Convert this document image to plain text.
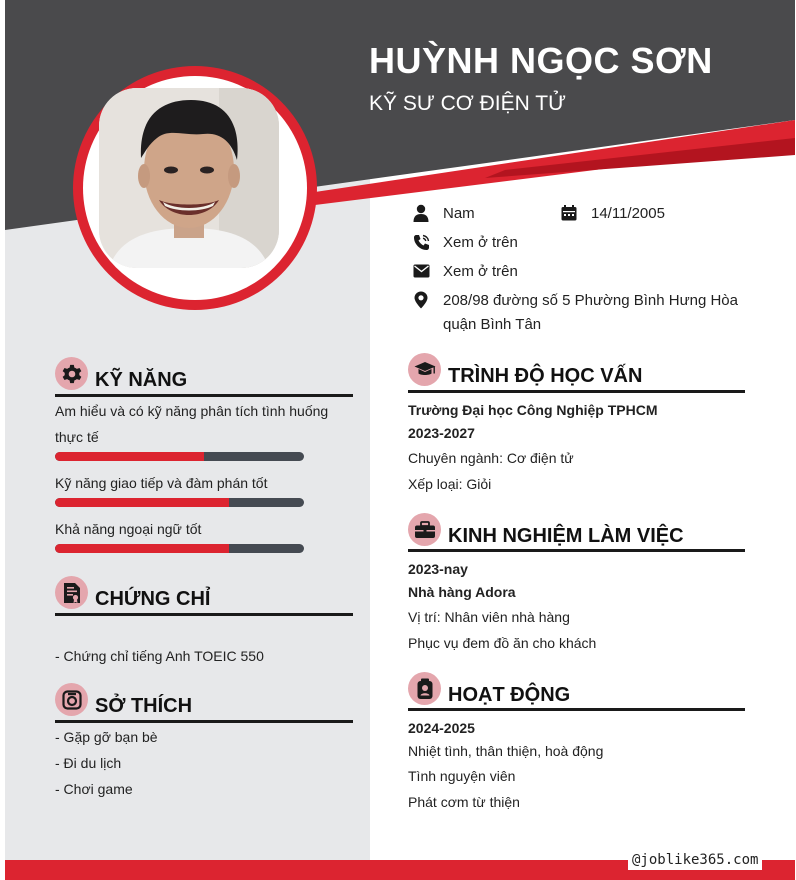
HUỲNH NGỌC SƠN
KỸ SƯ CƠ ĐIỆN TỬ
Nam	14/11/2005
Xem ở trên
Xem ở trên
208/98 đường số 5 Phường Bình Hưng Hòa
quận Bình Tân
KỸ NĂNG
Am hiểu và có kỹ năng phân tích tình huống
thực tế
Kỹ năng giao tiếp và đàm phán tốt
Khả năng ngoại ngữ tốt
CHỨNG CHỈ
- Chứng chỉ tiếng Anh TOEIC 550
SỞ THÍCH
- Gặp gỡ bạn bè
- Đi du lịch
- Chơi game
TRÌNH ĐỘ HỌC VẤN
Trường Đại học Công Nghiệp TPHCM
2023-2027
Chuyên ngành: Cơ điện tử
Xếp loại: Giỏi
KINH NGHIỆM LÀM VIỆC
2023-nay
Nhà hàng Adora
Vị trí: Nhân viên nhà hàng
Phục vụ đem đồ ăn cho khách
HOẠT ĐỘNG
2024-2025
Nhiệt tình, thân thiện, hoà động
Tình nguyện viên
Phát cơm từ thiện
@joblike365.com
